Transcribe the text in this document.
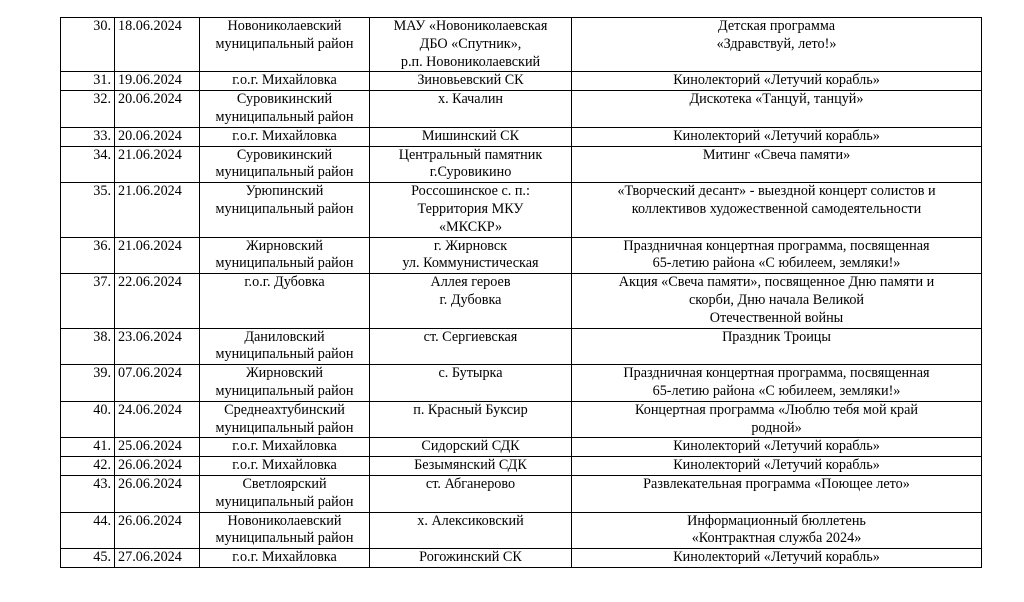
30.	18.06.2024	Новониколаевский
муниципальный район	МАУ «Новониколаевская
ДБО «Спутник»,
р.п. Новониколаевский	Детская программа
«Здравствуй, лето!»
31.	19.06.2024	г.о.г. Михайловка	Зиновьевский СК	Кинолекторий «Летучий корабль»
32.	20.06.2024	Суровикинский
муниципальный район	х. Качалин	Дискотека «Танцуй, танцуй»
33.	20.06.2024	г.о.г. Михайловка	Мишинский СК	Кинолекторий «Летучий корабль»
34.	21.06.2024	Суровикинский
муниципальный район	Центральный памятник
г.Суровикино	Митинг «Свеча памяти»
35.	21.06.2024	Урюпинский
муниципальный район	Россошинское с. п.:
Территория МКУ
«МКСКР»	«Творческий десант» - выездной концерт солистов и
коллективов художественной самодеятельности
36.	21.06.2024	Жирновский
муниципальный район	г. Жирновск
ул. Коммунистическая	Праздничная концертная программа, посвященная
65-летию района «С юбилеем, земляки!»
37.	22.06.2024	г.о.г. Дубовка	Аллея героев
г. Дубовка	Акция «Свеча памяти», посвященное Дню памяти и
скорби, Дню начала Великой
Отечественной войны
38.	23.06.2024	Даниловский
муниципальный район	ст. Сергиевская	Праздник Троицы
39.	07.06.2024	Жирновский
муниципальный район	с. Бутырка	Праздничная концертная программа, посвященная
65-летию района «С юбилеем, земляки!»
40.	24.06.2024	Среднеахтубинский
муниципальный район	п. Красный Буксир	Концертная программа «Люблю тебя мой край
родной»
41.	25.06.2024	г.о.г. Михайловка	Сидорский СДК	Кинолекторий «Летучий корабль»
42.	26.06.2024	г.о.г. Михайловка	Безымянский СДК	Кинолекторий «Летучий корабль»
43.	26.06.2024	Светлоярский
муниципальный район	ст. Абганерово	Развлекательная программа «Поющее лето»
44.	26.06.2024	Новониколаевский
муниципальный район	х. Алексиковский	Информационный бюллетень
«Контрактная служба 2024»
45.	27.06.2024	г.о.г. Михайловка	Рогожинский СК	Кинолекторий «Летучий корабль»
